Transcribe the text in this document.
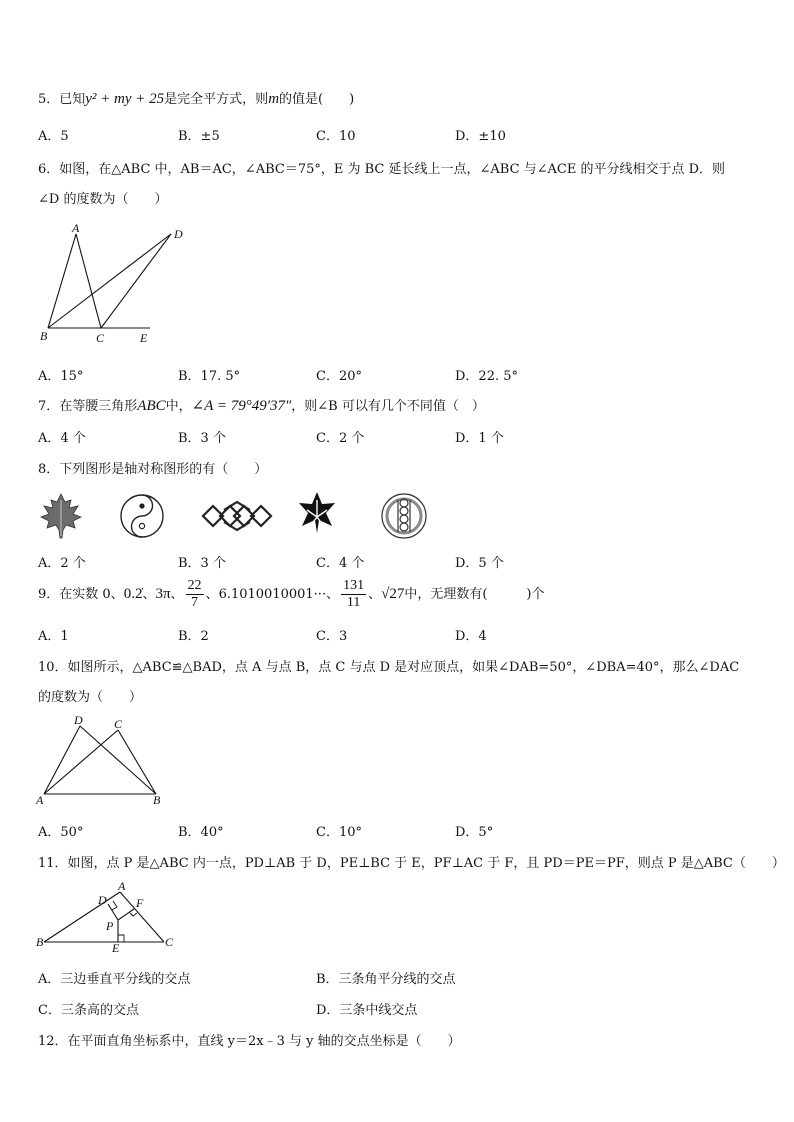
5．已知y² + my + 25是完全平方式，则m的值是(　　)
A．5	B．±5	C．10	D．±10
6．如图，在△ABC 中，AB＝AC，∠ABC＝75°，E 为 BC 延长线上一点，∠ABC 与∠ACE 的平分线相交于点 D．则
∠D 的度数为（　　）
A	D
B	C	E
A．15°	B．17. 5°	C．20°	D．22. 5°
7．在等腰三角形ABC中，∠A = 79°49′37″，则∠B 可以有几个不同值（　）
A．4 个	B．3 个	C．2 个	D．1 个
8．下列图形是轴对称图形的有（　　）
A．2 个	B．3 个	C．4 个	D．5 个
9．在实数 0、0.2̇、3π、 $\frac{22}{7}$ 、6.1010010001···、 $\frac{131}{11}$ 、√27中，无理数有(　　　)个
A．1	B．2	C．3	D．4
10．如图所示，△ABC≌△BAD，点 A 与点 B，点 C 与点 D 是对应顶点，如果∠DAB=50°，∠DBA=40°，那么∠DAC
的度数为（　　）
D	C
A	B
A．50°	B．40°	C．10°	D．5°
11．如图，点 P 是△ABC 内一点，PD⊥AB 于 D，PE⊥BC 于 E，PF⊥AC 于 F，且 PD＝PE＝PF，则点 P 是△ABC（　　）
A
D F
P
B	E	C
A．三边垂直平分线的交点	B．三条角平分线的交点
C．三条高的交点	D．三条中线交点
12．在平面直角坐标系中，直线 y＝2x﹣3 与 y 轴的交点坐标是（　　）
